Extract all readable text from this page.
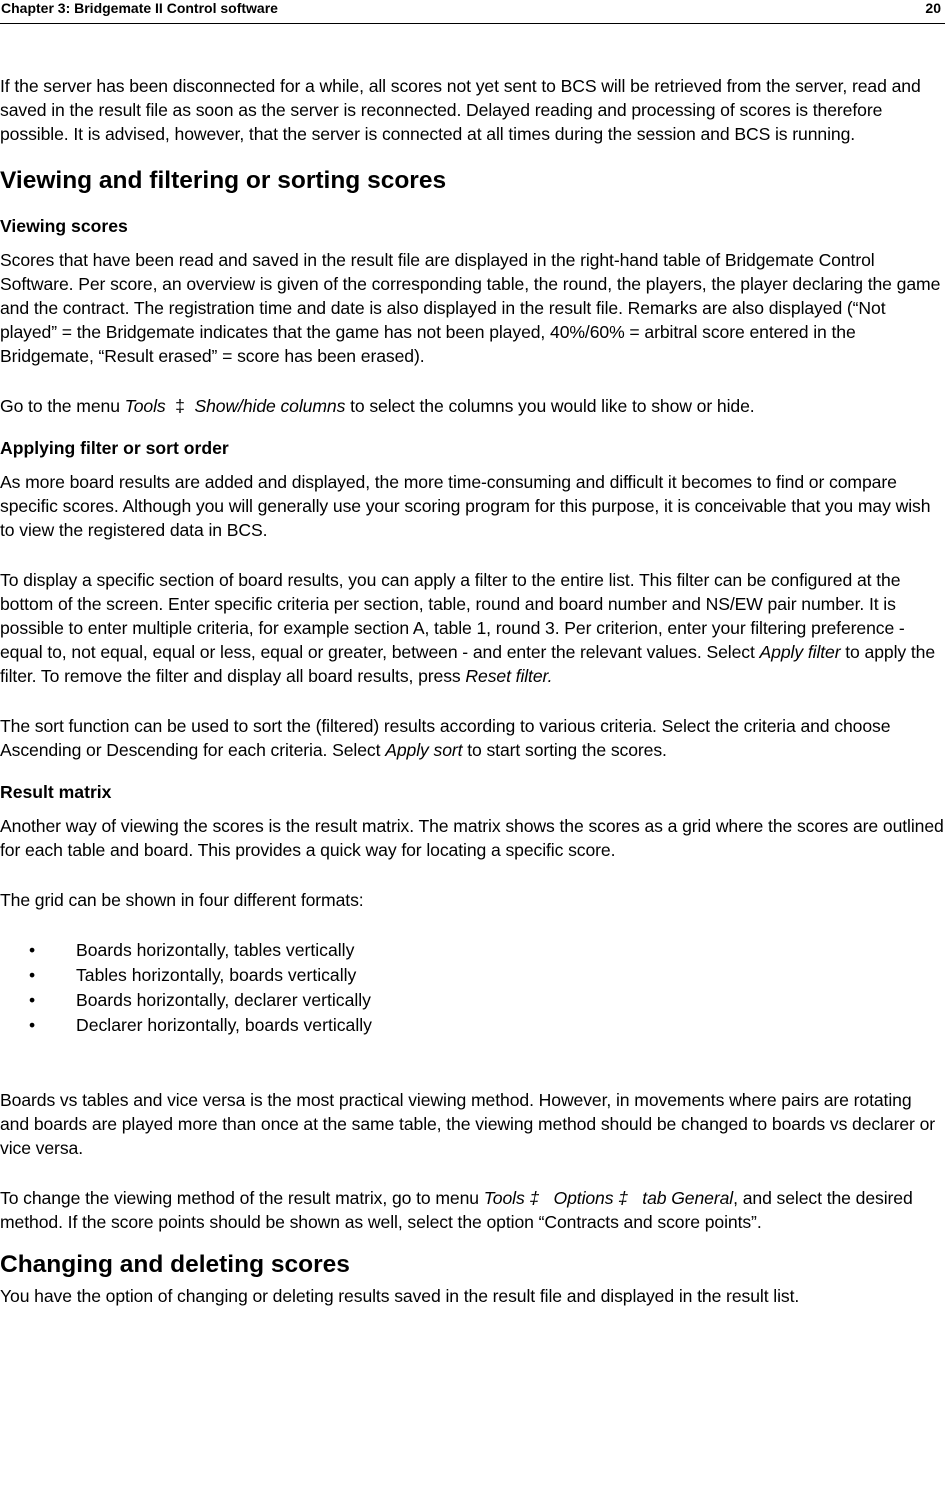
Chapter 3: Bridgemate II Control software	20

If the server has been disconnected for a while, all scores not yet sent to BCS will be retrieved from the server, read and saved in the result file as soon as the server is reconnected. Delayed reading and processing of scores is therefore possible. It is advised, however, that the server is connected at all times during the session and BCS is running.

Viewing and filtering or sorting scores
Viewing scores

Scores that have been read and saved in the result file are displayed in the right-hand table of Bridgemate Control Software. Per score, an overview is given of the corresponding table, the round, the players, the player declaring the game and the contract. The registration time and date is also displayed in the result file. Remarks are also displayed (“Not played” = the Bridgemate indicates that the game has not been played, 40%/60% = arbitral score entered in the Bridgemate, “Result erased” = score has been erased).

Go to the menu Tools  ‡  Show/hide columns to select the columns you would like to show or hide.

Applying filter or sort order

As more board results are added and displayed, the more time-consuming and difficult it becomes to find or compare specific scores. Although you will generally use your scoring program for this purpose, it is conceivable that you may wish to view the registered data in BCS.

To display a specific section of board results, you can apply a filter to the entire list. This filter can be configured at the bottom of the screen. Enter specific criteria per section, table, round and board number and NS/EW pair number. It is possible to enter multiple criteria, for example section A, table 1, round 3. Per criterion, enter your filtering preference - equal to, not equal, equal or less, equal or greater, between - and enter the relevant values. Select Apply filter to apply the filter. To remove the filter and display all board results, press Reset filter.

The sort function can be used to sort the (filtered) results according to various criteria. Select the criteria and choose Ascending or Descending for each criteria. Select Apply sort to start sorting the scores.

Result matrix

Another way of viewing the scores is the result matrix. The matrix shows the scores as a grid where the scores are outlined for each table and board. This provides a quick way for locating a specific score.

The grid can be shown in four different formats:

• Boards horizontally, tables vertically
• Tables horizontally, boards vertically
• Boards horizontally, declarer vertically
• Declarer horizontally, boards vertically

Boards vs tables and vice versa is the most practical viewing method. However, in movements where pairs are rotating and boards are played more than once at the same table, the viewing method should be changed to boards vs declarer or vice versa.

To change the viewing method of the result matrix, go to menu Tools ‡   Options ‡   tab General, and select the desired method. If the score points should be shown as well, select the option “Contracts and score points”.

Changing and deleting scores

You have the option of changing or deleting results saved in the result file and displayed in the result list.
